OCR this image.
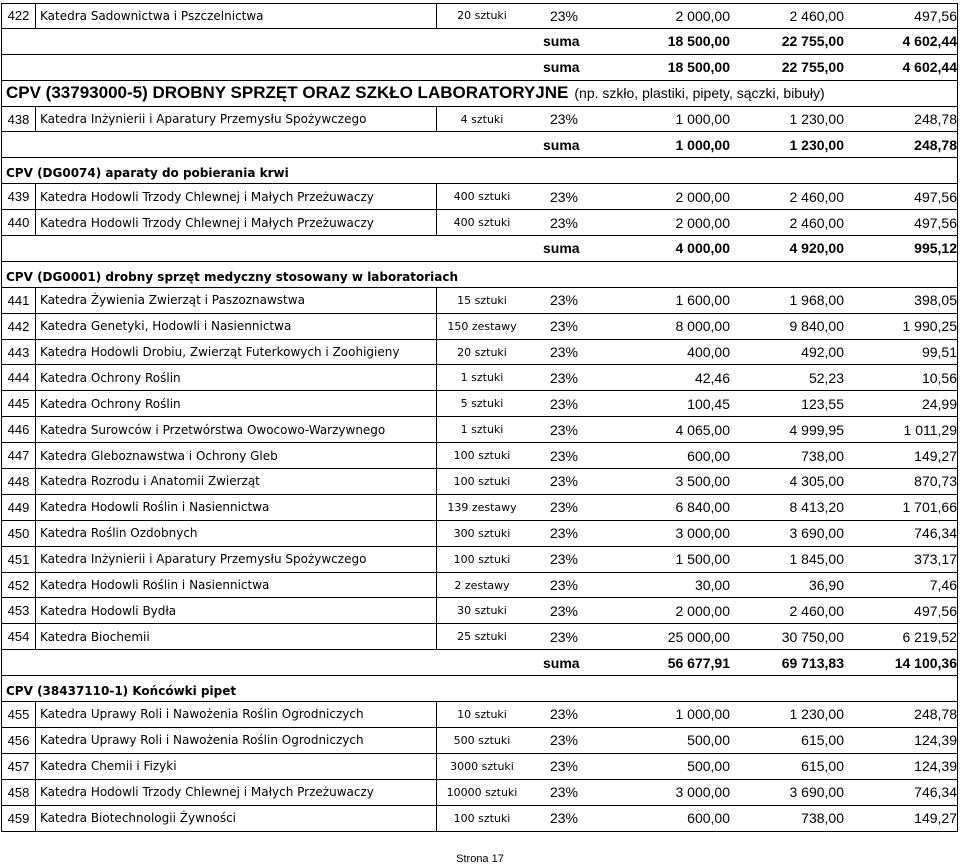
422 Katedra Sadownictwa i Pszczelnictwa	20 sztuki	23%	2 000,00	2 460,00	497,56
suma	18 500,00	22 755,00	4 602,44
suma	18 500,00	22 755,00	4 602,44
CPV (33793000-5) DROBNY SPRZĘT ORAZ SZKŁO LABORATORYJNE (np. szkło, plastiki, pipety, sączki, bibuły)
438 Katedra Inżynierii i Aparatury Przemysłu Spożywczego	4 sztuki	23%	1 000,00	1 230,00	248,78
suma	1 000,00	1 230,00	248,78
CPV (DG0074) aparaty do pobierania krwi
439 Katedra Hodowli Trzody Chlewnej i Małych Przeżuwaczy	400 sztuki	23%	2 000,00	2 460,00	497,56
440 Katedra Hodowli Trzody Chlewnej i Małych Przeżuwaczy	400 sztuki	23%	2 000,00	2 460,00	497,56
suma	4 000,00	4 920,00	995,12
CPV (DG0001) drobny sprzęt medyczny stosowany w laboratoriach
441 Katedra Żywienia Zwierząt i Paszoznawstwa	15 sztuki	23%	1 600,00	1 968,00	398,05
442 Katedra Genetyki, Hodowli i Nasiennictwa	150 zestawy	23%	8 000,00	9 840,00	1 990,25
443 Katedra Hodowli Drobiu, Zwierząt Futerkowych i Zoohigieny	20 sztuki	23%	400,00	492,00	99,51
444 Katedra Ochrony Roślin	1 sztuki	23%	42,46	52,23	10,56
445 Katedra Ochrony Roślin	5 sztuki	23%	100,45	123,55	24,99
446 Katedra Surowców i Przetwórstwa Owocowo-Warzywnego	1 sztuki	23%	4 065,00	4 999,95	1 011,29
447 Katedra Gleboznawstwa i Ochrony Gleb	100 sztuki	23%	600,00	738,00	149,27
448 Katedra Rozrodu i Anatomii Zwierząt	100 sztuki	23%	3 500,00	4 305,00	870,73
449 Katedra Hodowli Roślin i Nasiennictwa	139 zestawy	23%	6 840,00	8 413,20	1 701,66
450 Katedra Roślin Ozdobnych	300 sztuki	23%	3 000,00	3 690,00	746,34
451 Katedra Inżynierii i Aparatury Przemysłu Spożywczego	100 sztuki	23%	1 500,00	1 845,00	373,17
452 Katedra Hodowli Roślin i Nasiennictwa	2 zestawy	23%	30,00	36,90	7,46
453 Katedra Hodowli Bydła	30 sztuki	23%	2 000,00	2 460,00	497,56
454 Katedra Biochemii	25 sztuki	23%	25 000,00	30 750,00	6 219,52
suma	56 677,91	69 713,83	14 100,36
CPV (38437110-1) Końcówki pipet
455 Katedra Uprawy Roli i Nawożenia Roślin Ogrodniczych	10 sztuki	23%	1 000,00	1 230,00	248,78
456 Katedra Uprawy Roli i Nawożenia Roślin Ogrodniczych	500 sztuki	23%	500,00	615,00	124,39
457 Katedra Chemii i Fizyki	3000 sztuki	23%	500,00	615,00	124,39
458 Katedra Hodowli Trzody Chlewnej i Małych Przeżuwaczy	10000 sztuki	23%	3 000,00	3 690,00	746,34
459 Katedra Biotechnologii Żywności	100 sztuki	23%	600,00	738,00	149,27
Strona 17
